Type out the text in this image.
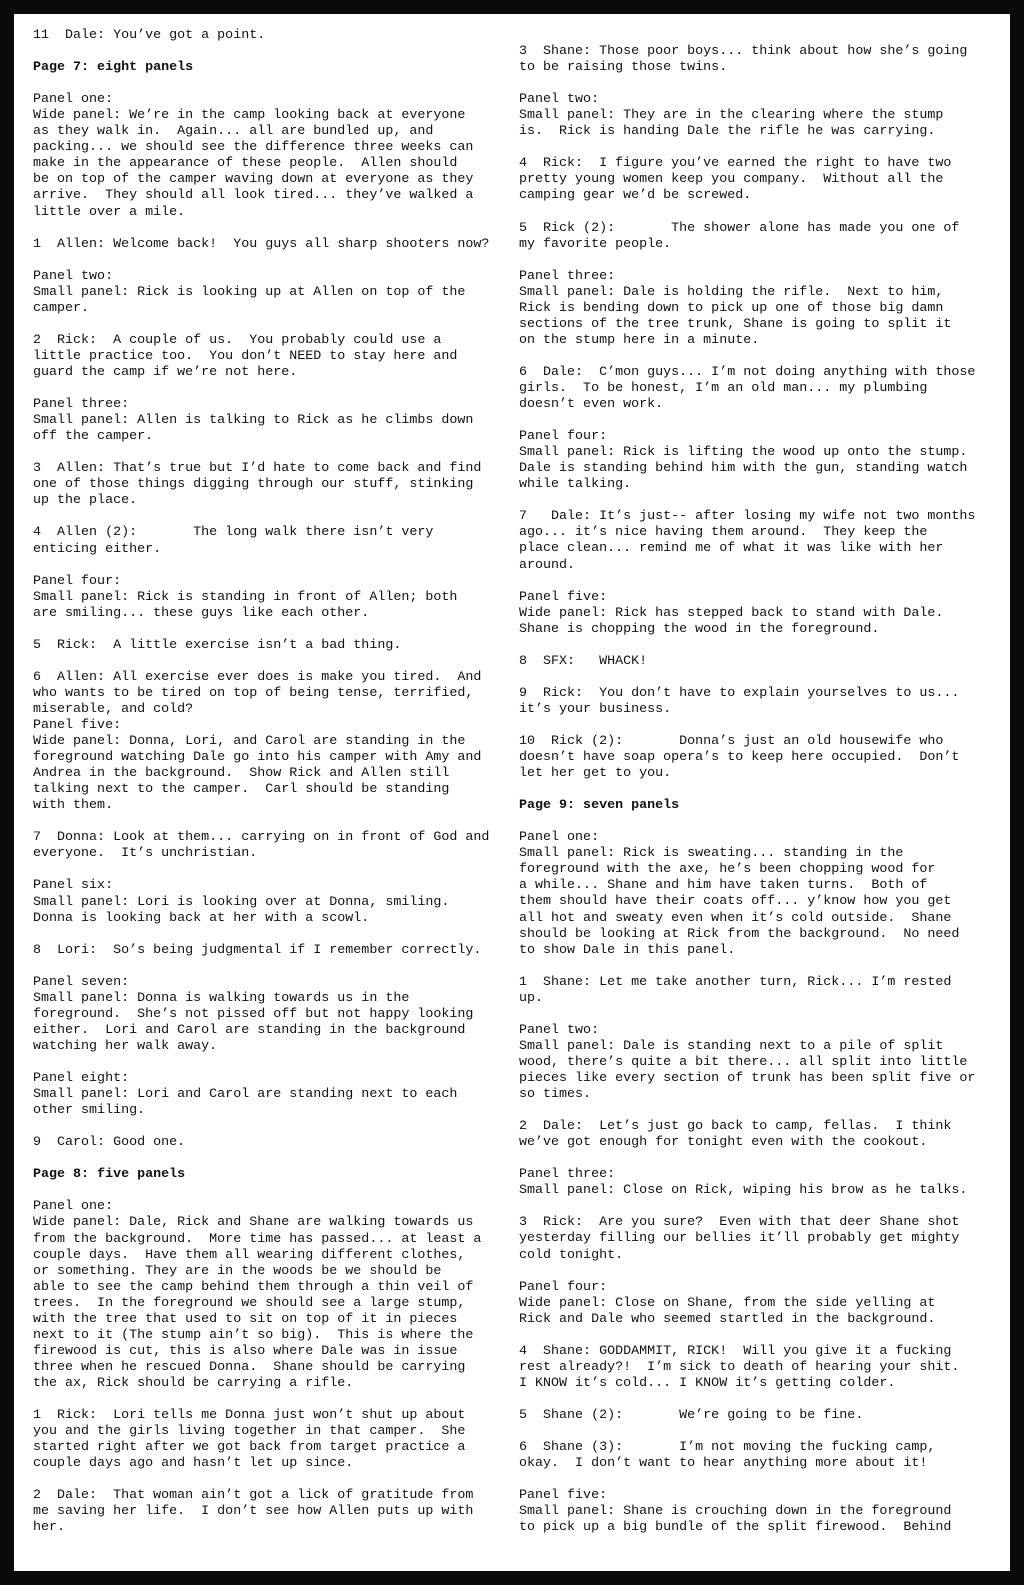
11  Dale: You’ve got a point.
Page 7: eight panels
Panel one:
Wide panel: We’re in the camp looking back at everyone
as they walk in.  Again... all are bundled up, and
packing... we should see the difference three weeks can
make in the appearance of these people.  Allen should
be on top of the camper waving down at everyone as they
arrive.  They should all look tired... they’ve walked a
little over a mile.
1  Allen: Welcome back!  You guys all sharp shooters now?
Panel two:
Small panel: Rick is looking up at Allen on top of the
camper.
2  Rick:  A couple of us.  You probably could use a
little practice too.  You don’t NEED to stay here and
guard the camp if we’re not here.
Panel three:
Small panel: Allen is talking to Rick as he climbs down
off the camper.
3  Allen: That’s true but I’d hate to come back and find
one of those things digging through our stuff, stinking
up the place.
4  Allen (2):       The long walk there isn’t very
enticing either.
Panel four:
Small panel: Rick is standing in front of Allen; both
are smiling... these guys like each other.
5  Rick:  A little exercise isn’t a bad thing.
6  Allen: All exercise ever does is make you tired.  And
who wants to be tired on top of being tense, terrified,
miserable, and cold?
Panel five:
Wide panel: Donna, Lori, and Carol are standing in the
foreground watching Dale go into his camper with Amy and
Andrea in the background.  Show Rick and Allen still
talking next to the camper.  Carl should be standing
with them.
7  Donna: Look at them... carrying on in front of God and
everyone.  It’s unchristian.
Panel six:
Small panel: Lori is looking over at Donna, smiling.
Donna is looking back at her with a scowl.
8  Lori:  So’s being judgmental if I remember correctly.
Panel seven:
Small panel: Donna is walking towards us in the
foreground.  She’s not pissed off but not happy looking
either.  Lori and Carol are standing in the background
watching her walk away.
Panel eight:
Small panel: Lori and Carol are standing next to each
other smiling.
9  Carol: Good one.
Page 8: five panels
Panel one:
Wide panel: Dale, Rick and Shane are walking towards us
from the background.  More time has passed... at least a
couple days.  Have them all wearing different clothes,
or something. They are in the woods be we should be
able to see the camp behind them through a thin veil of
trees.  In the foreground we should see a large stump,
with the tree that used to sit on top of it in pieces
next to it (The stump ain’t so big).  This is where the
firewood is cut, this is also where Dale was in issue
three when he rescued Donna.  Shane should be carrying
the ax, Rick should be carrying a rifle.
1  Rick:  Lori tells me Donna just won’t shut up about
you and the girls living together in that camper.  She
started right after we got back from target practice a
couple days ago and hasn’t let up since.
2  Dale:  That woman ain’t got a lick of gratitude from
me saving her life.  I don’t see how Allen puts up with
her.
3  Shane: Those poor boys... think about how she’s going
to be raising those twins.
Panel two:
Small panel: They are in the clearing where the stump
is.  Rick is handing Dale the rifle he was carrying.
4  Rick:  I figure you’ve earned the right to have two
pretty young women keep you company.  Without all the
camping gear we’d be screwed.
5  Rick (2):       The shower alone has made you one of
my favorite people.
Panel three:
Small panel: Dale is holding the rifle.  Next to him,
Rick is bending down to pick up one of those big damn
sections of the tree trunk, Shane is going to split it
on the stump here in a minute.
6  Dale:  C’mon guys... I’m not doing anything with those
girls.  To be honest, I’m an old man... my plumbing
doesn’t even work.
Panel four:
Small panel: Rick is lifting the wood up onto the stump.
Dale is standing behind him with the gun, standing watch
while talking.
7   Dale: It’s just-- after losing my wife not two months
ago... it’s nice having them around.  They keep the
place clean... remind me of what it was like with her
around.
Panel five:
Wide panel: Rick has stepped back to stand with Dale.
Shane is chopping the wood in the foreground.
8  SFX:   WHACK!
9  Rick:  You don’t have to explain yourselves to us...
it’s your business.
10  Rick (2):       Donna’s just an old housewife who
doesn’t have soap opera’s to keep here occupied.  Don’t
let her get to you.
Page 9: seven panels
Panel one:
Small panel: Rick is sweating... standing in the
foreground with the axe, he’s been chopping wood for
a while... Shane and him have taken turns.  Both of
them should have their coats off... y’know how you get
all hot and sweaty even when it’s cold outside.  Shane
should be looking at Rick from the background.  No need
to show Dale in this panel.
1  Shane: Let me take another turn, Rick... I’m rested
up.
Panel two:
Small panel: Dale is standing next to a pile of split
wood, there’s quite a bit there... all split into little
pieces like every section of trunk has been split five or
so times.
2  Dale:  Let’s just go back to camp, fellas.  I think
we’ve got enough for tonight even with the cookout.
Panel three:
Small panel: Close on Rick, wiping his brow as he talks.
3  Rick:  Are you sure?  Even with that deer Shane shot
yesterday filling our bellies it’ll probably get mighty
cold tonight.
Panel four:
Wide panel: Close on Shane, from the side yelling at
Rick and Dale who seemed startled in the background.
4  Shane: GODDAMMIT, RICK!  Will you give it a fucking
rest already?!  I’m sick to death of hearing your shit.
I KNOW it’s cold... I KNOW it’s getting colder.
5  Shane (2):       We’re going to be fine.
6  Shane (3):       I’m not moving the fucking camp,
okay.  I don’t want to hear anything more about it!
Panel five:
Small panel: Shane is crouching down in the foreground
to pick up a big bundle of the split firewood.  Behind
